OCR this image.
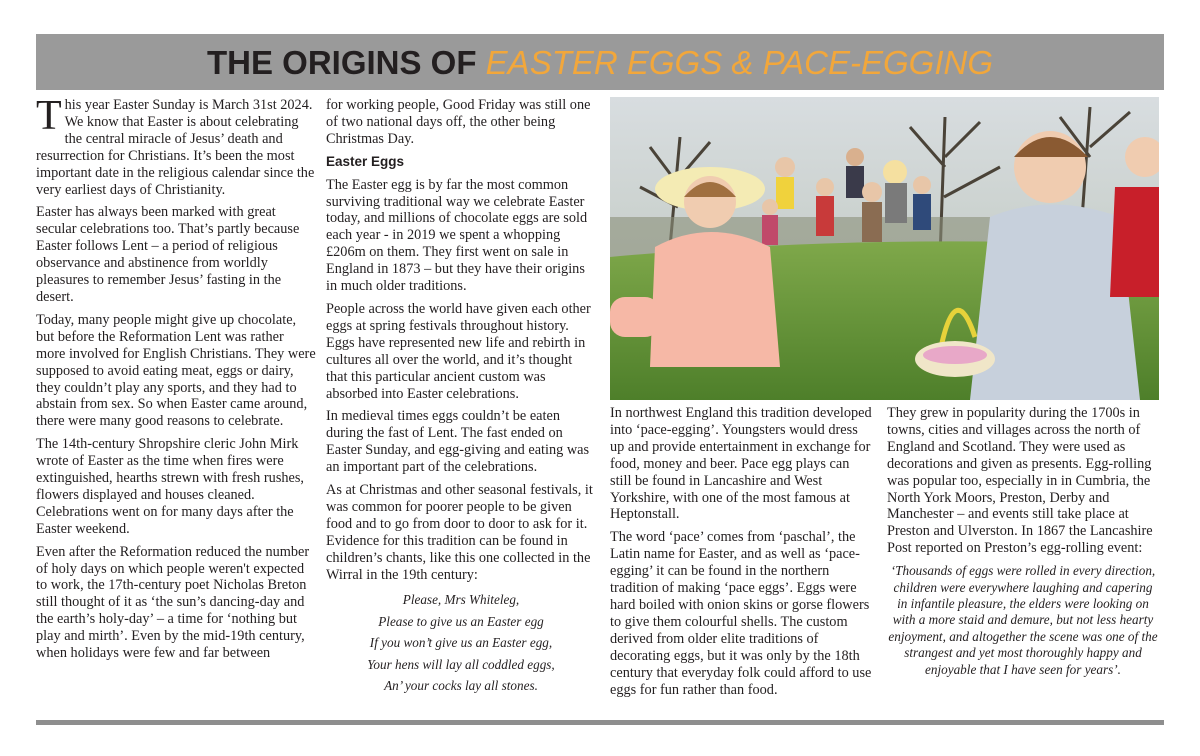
THE ORIGINS OF EASTER EGGS & PACE-EGGING

This year Easter Sunday is March 31st 2024. We know that Easter is about celebrating the central miracle of Jesus’ death and resurrection for Christians. It’s been the most important date in the religious calendar since the very earliest days of Christianity.

Easter has always been marked with great secular celebrations too. That’s partly because Easter follows Lent – a period of religious observance and abstinence from worldly pleasures to remember Jesus’ fasting in the desert.

Today, many people might give up chocolate, but before the Reformation Lent was rather more involved for English Christians. They were supposed to avoid eating meat, eggs or dairy, they couldn’t play any sports, and they had to abstain from sex. So when Easter came around, there were many good reasons to celebrate.

The 14th-century Shropshire cleric John Mirk wrote of Easter as the time when fires were extinguished, hearths strewn with fresh rushes, flowers displayed and houses cleaned. Celebrations went on for many days after the Easter weekend.

Even after the Reformation reduced the number of holy days on which people weren't expected to work, the 17th-century poet Nicholas Breton still thought of it as ‘the sun’s dancing-day and the earth’s holy-day’ – a time for ‘nothing but play and mirth’. Even by the mid-19th century, when holidays were few and far between

for working people, Good Friday was still one of two national days off, the other being Christmas Day.

Easter Eggs

The Easter egg is by far the most common surviving traditional way we celebrate Easter today, and millions of chocolate eggs are sold each year - in 2019 we spent a whopping £206m on them. They first went on sale in England in 1873 – but they have their origins in much older traditions.

People across the world have given each other eggs at spring festivals throughout history. Eggs have represented new life and rebirth in cultures all over the world, and it’s thought that this particular ancient custom was absorbed into Easter celebrations.

In medieval times eggs couldn’t be eaten during the fast of Lent. The fast ended on Easter Sunday, and egg-giving and eating was an important part of the celebrations.

As at Christmas and other seasonal festivals, it was common for poorer people to be given food and to go from door to door to ask for it. Evidence for this tradition can be found in children’s chants, like this one collected in the Wirral in the 19th century:

Please, Mrs Whiteleg,
Please to give us an Easter egg
If you won’t give us an Easter egg,
Your hens will lay all coddled eggs,
An’ your cocks lay all stones.

In northwest England this tradition developed into ‘pace-egging’. Youngsters would dress up and provide entertainment in exchange for food, money and beer. Pace egg plays can still be found in Lancashire and West Yorkshire, with one of the most famous at Heptonstall.

The word ‘pace’ comes from ‘paschal’, the Latin name for Easter, and as well as ‘pace-egging’ it can be found in the northern tradition of making ‘pace eggs’. Eggs were hard boiled with onion skins or gorse flowers to give them colourful shells. The custom derived from older elite traditions of decorating eggs, but it was only by the 18th century that everyday folk could afford to use eggs for fun rather than food.

They grew in popularity during the 1700s in towns, cities and villages across the north of England and Scotland. They were used as decorations and given as presents. Egg-rolling was popular too, especially in in Cumbria, the North York Moors, Preston, Derby and Manchester – and events still take place at Preston and Ulverston. In 1867 the Lancashire Post reported on Preston’s egg-rolling event:

‘Thousands of eggs were rolled in every direction, children were everywhere laughing and capering in infantile pleasure, the elders were looking on with a more staid and demure, but not less hearty enjoyment, and altogether the scene was one of the strangest and yet most thoroughly happy and enjoyable that I have seen for years’.
